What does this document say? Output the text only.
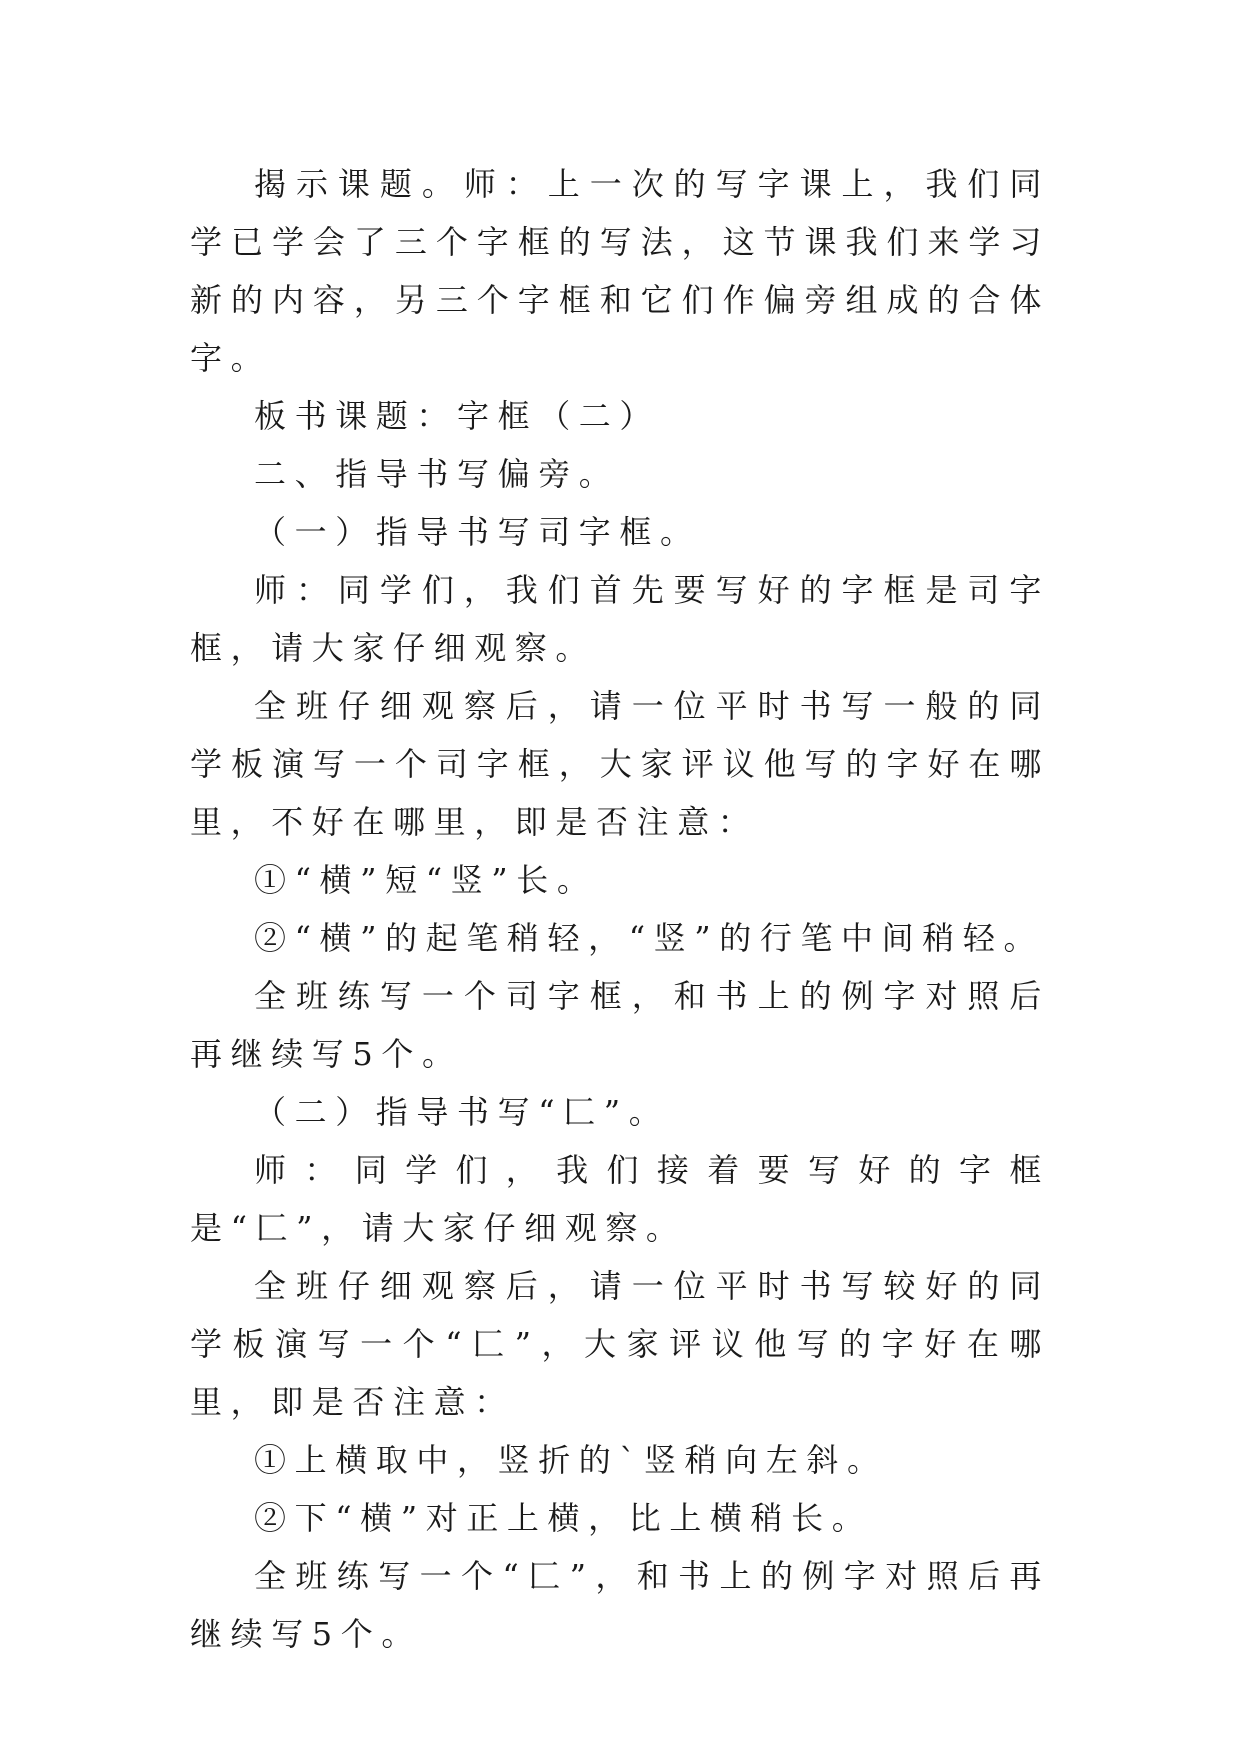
揭示课题。师：上一次的写字课上，我们同学已学会了三个字框的写法，这节课我们来学习新的内容，另三个字框和它们作偏旁组成的合体字。

板书课题：字框（二）

二、指导书写偏旁。

（一）指导书写司字框。

师：同学们，我们首先要写好的字框是司字框，请大家仔细观察。

全班仔细观察后，请一位平时书写一般的同学板演写一个司字框，大家评议他写的字好在哪里，不好在哪里，即是否注意：

①“横”短“竖”长。

②“横”的起笔稍轻，“竖”的行笔中间稍轻。

全班练写一个司字框，和书上的例字对照后再继续写5个。

（二）指导书写“匚”。

师：同学们，我们接着要写好的字框是“匚”，请大家仔细观察。

全班仔细观察后，请一位平时书写较好的同学板演写一个“匚”，大家评议他写的字好在哪里，即是否注意：

①上横取中，竖折的`竖稍向左斜。

②下“横”对正上横，比上横稍长。

全班练写一个“匚”，和书上的例字对照后再继续写5个。
